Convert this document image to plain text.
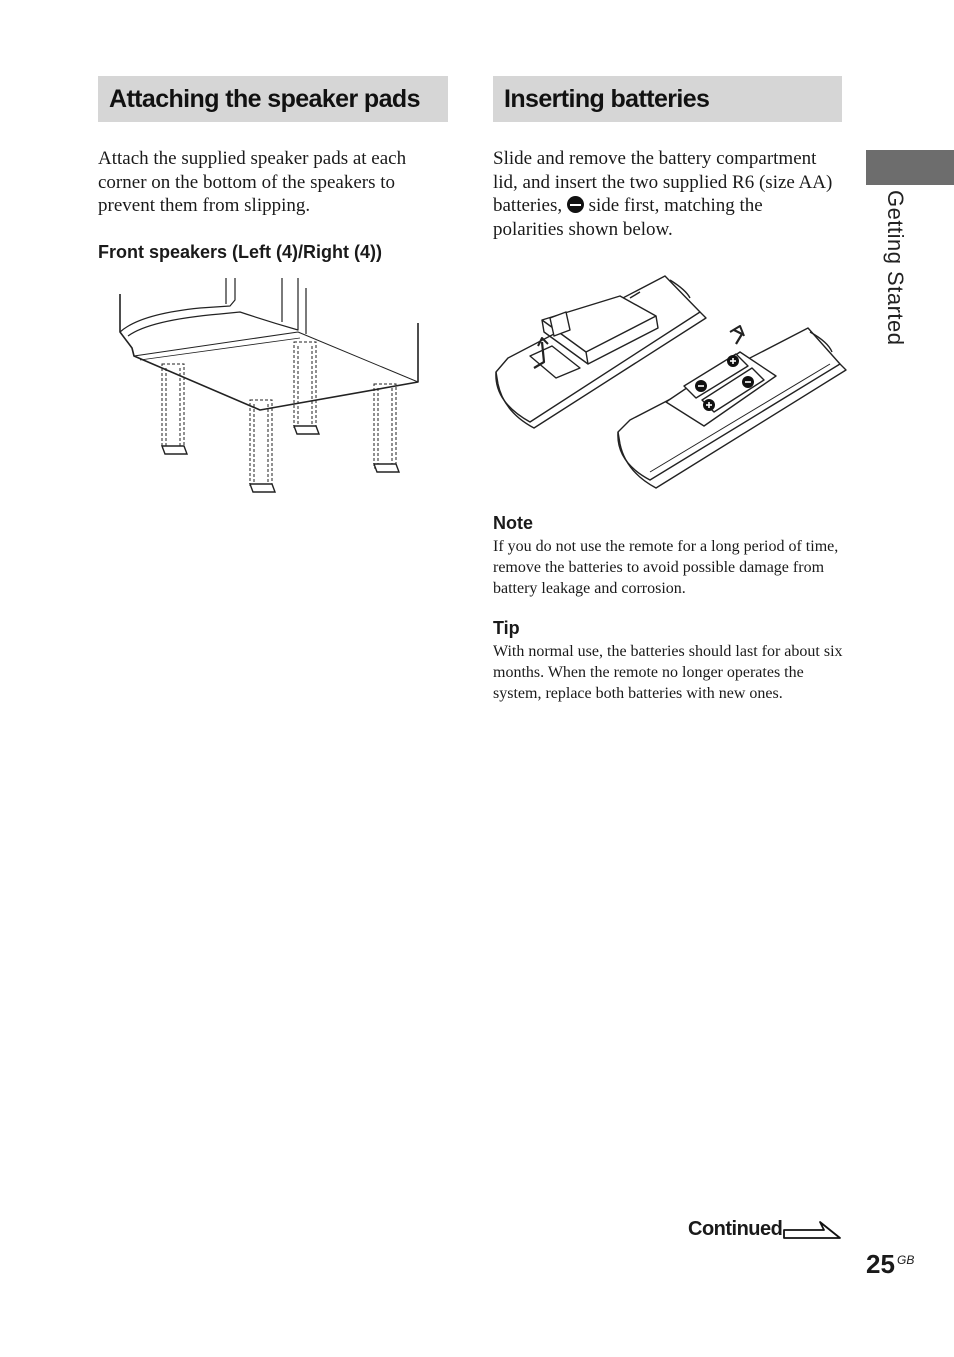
Attaching the speaker pads	Inserting batteries
Attach the supplied speaker pads at each corner on the bottom of the speakers to prevent them from slipping.
Front speakers (Left (4)/Right (4))
Slide and remove the battery compartment lid, and insert the two supplied R6 (size AA) batteries,  side first, matching the polarities shown below.
Note
If you do not use the remote for a long period of time, remove the batteries to avoid possible damage from battery leakage and corrosion.
Tip
With normal use, the batteries should last for about six months. When the remote no longer operates the system, replace both batteries with new ones.
Getting Started
Continued
25 GB
